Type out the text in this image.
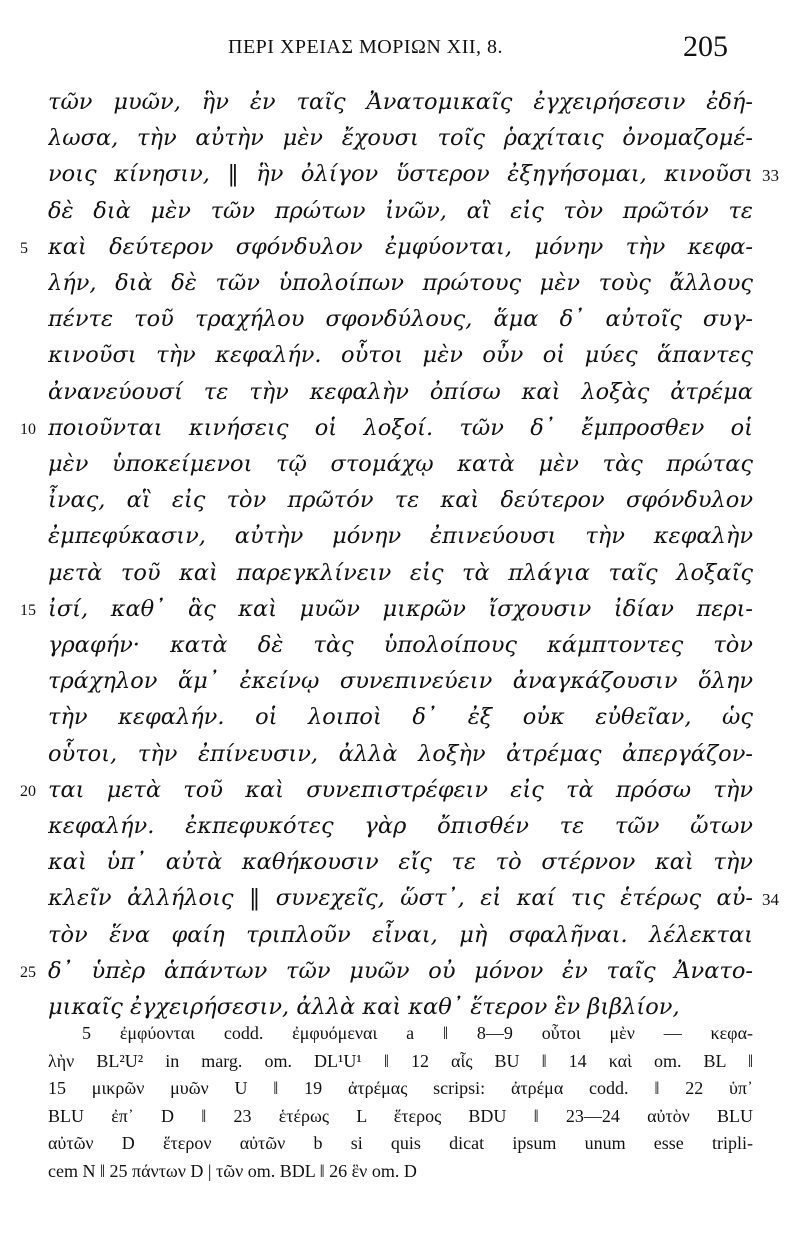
ΠΕΡΙ ΧΡΕΙΑΣ ΜΟΡΙΩΝ XII, 8.	205
τῶν μυῶν, ἣν ἐν ταῖς Ἀνατομικαῖς ἐγχειρήσεσιν ἐδή-
λωσα, τὴν αὐτὴν μὲν ἔχουσι τοῖς ῥαχίταις ὀνομαζομέ-
νοις κίνησιν, ‖ ἣν ὀλίγον ὕστερον ἐξηγήσομαι, κινοῦσι 33
δὲ διὰ μὲν τῶν πρώτων ἰνῶν, αἳ εἰς τὸν πρῶτόν τε
5 καὶ δεύτερον σφόνδυλον ἐμφύονται, μόνην τὴν κεφα-
λήν, διὰ δὲ τῶν ὑπολοίπων πρώτους μὲν τοὺς ἄλλους
πέντε τοῦ τραχήλου σφονδύλους, ἅμα δ᾽ αὐτοῖς συγ-
κινοῦσι τὴν κεφαλήν. οὗτοι μὲν οὖν οἱ μύες ἅπαντες
ἀνανεύουσί τε τὴν κεφαλὴν ὀπίσω καὶ λοξὰς ἀτρέμα
10 ποιοῦνται κινήσεις οἱ λοξοί. τῶν δ᾽ ἔμπροσθεν οἱ
μὲν ὑποκείμενοι τῷ στομάχῳ κατὰ μὲν τὰς πρώτας
ἶνας, αἳ εἰς τὸν πρῶτόν τε καὶ δεύτερον σφόνδυλον
ἐμπεφύκασιν, αὐτὴν μόνην ἐπινεύουσι τὴν κεφαλὴν
μετὰ τοῦ καὶ παρεγκλίνειν εἰς τὰ πλάγια ταῖς λοξαῖς
15 ἰσί, καθ᾽ ἃς καὶ μυῶν μικρῶν ἴσχουσιν ἰδίαν περι-
γραφήν· κατὰ δὲ τὰς ὑπολοίπους κάμπτοντες τὸν
τράχηλον ἅμ᾽ ἐκείνῳ συνεπινεύειν ἀναγκάζουσιν ὅλην
τὴν κεφαλήν. οἱ λοιποὶ δ᾽ ἐξ οὐκ εὐθεῖαν, ὡς
οὗτοι, τὴν ἐπίνευσιν, ἀλλὰ λοξὴν ἀτρέμας ἀπεργάζον-
20 ται μετὰ τοῦ καὶ συνεπιστρέφειν εἰς τὰ πρόσω τὴν
κεφαλήν. ἐκπεφυκότες γὰρ ὄπισθέν τε τῶν ὤτων
καὶ ὑπ᾽ αὐτὰ καθήκουσιν εἴς τε τὸ στέρνον καὶ τὴν
κλεῖν ἀλλήλοις ‖ συνεχεῖς, ὥστ᾽, εἰ καί τις ἑτέρως αὐ- 34
τὸν ἕνα φαίη τριπλοῦν εἶναι, μὴ σφαλῆναι. λέλεκται
25 δ᾽ ὑπὲρ ἁπάντων τῶν μυῶν οὐ μόνον ἐν ταῖς Ἀνατο-
μικαῖς ἐγχειρήσεσιν, ἀλλὰ καὶ καθ᾽ ἕτερον ἓν βιβλίον,
5 ἐμφύονται codd. ἐμφυόμεναι a ‖ 8—9 οὗτοι μὲν — κεφα-
λὴν BL²U² in marg. om. DL¹U¹ ‖ 12 αἷς BU ‖ 14 καὶ om. BL ‖
15 μικρῶν μυῶν U ‖ 19 ἀτρέμας scripsi: ἀτρέμα codd. ‖ 22 ὑπ᾽
BLU ἐπ᾽ D ‖ 23 ἑτέρως L ἕτερος BDU ‖ 23—24 αὐτὸν BLU
αὐτῶν D ἕτερον αὐτῶν b si quis dicat ipsum unum esse tripli-
cem N ‖ 25 πάντων D | τῶν om. BDL ‖ 26 ἓν om. D
